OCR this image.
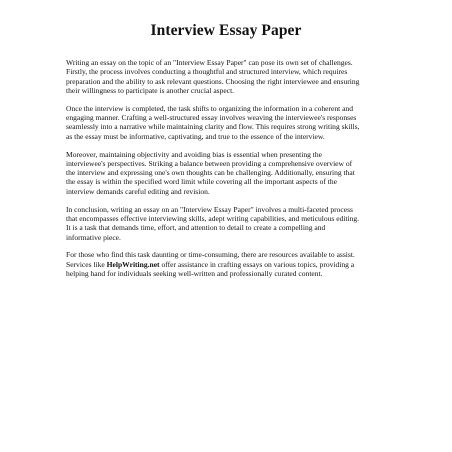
Interview Essay Paper

Writing an essay on the topic of an "Interview Essay Paper" can pose its own set of challenges.
Firstly, the process involves conducting a thoughtful and structured interview, which requires
preparation and the ability to ask relevant questions. Choosing the right interviewee and ensuring
their willingness to participate is another crucial aspect.

Once the interview is completed, the task shifts to organizing the information in a coherent and
engaging manner. Crafting a well-structured essay involves weaving the interviewee's responses
seamlessly into a narrative while maintaining clarity and flow. This requires strong writing skills,
as the essay must be informative, captivating, and true to the essence of the interview.

Moreover, maintaining objectivity and avoiding bias is essential when presenting the
interviewee's perspectives. Striking a balance between providing a comprehensive overview of
the interview and expressing one's own thoughts can be challenging. Additionally, ensuring that
the essay is within the specified word limit while covering all the important aspects of the
interview demands careful editing and revision.

In conclusion, writing an essay on an "Interview Essay Paper" involves a multi-faceted process
that encompasses effective interviewing skills, adept writing capabilities, and meticulous editing.
It is a task that demands time, effort, and attention to detail to create a compelling and
informative piece.

For those who find this task daunting or time-consuming, there are resources available to assist.
Services like HelpWriting.net offer assistance in crafting essays on various topics, providing a
helping hand for individuals seeking well-written and professionally curated content.
